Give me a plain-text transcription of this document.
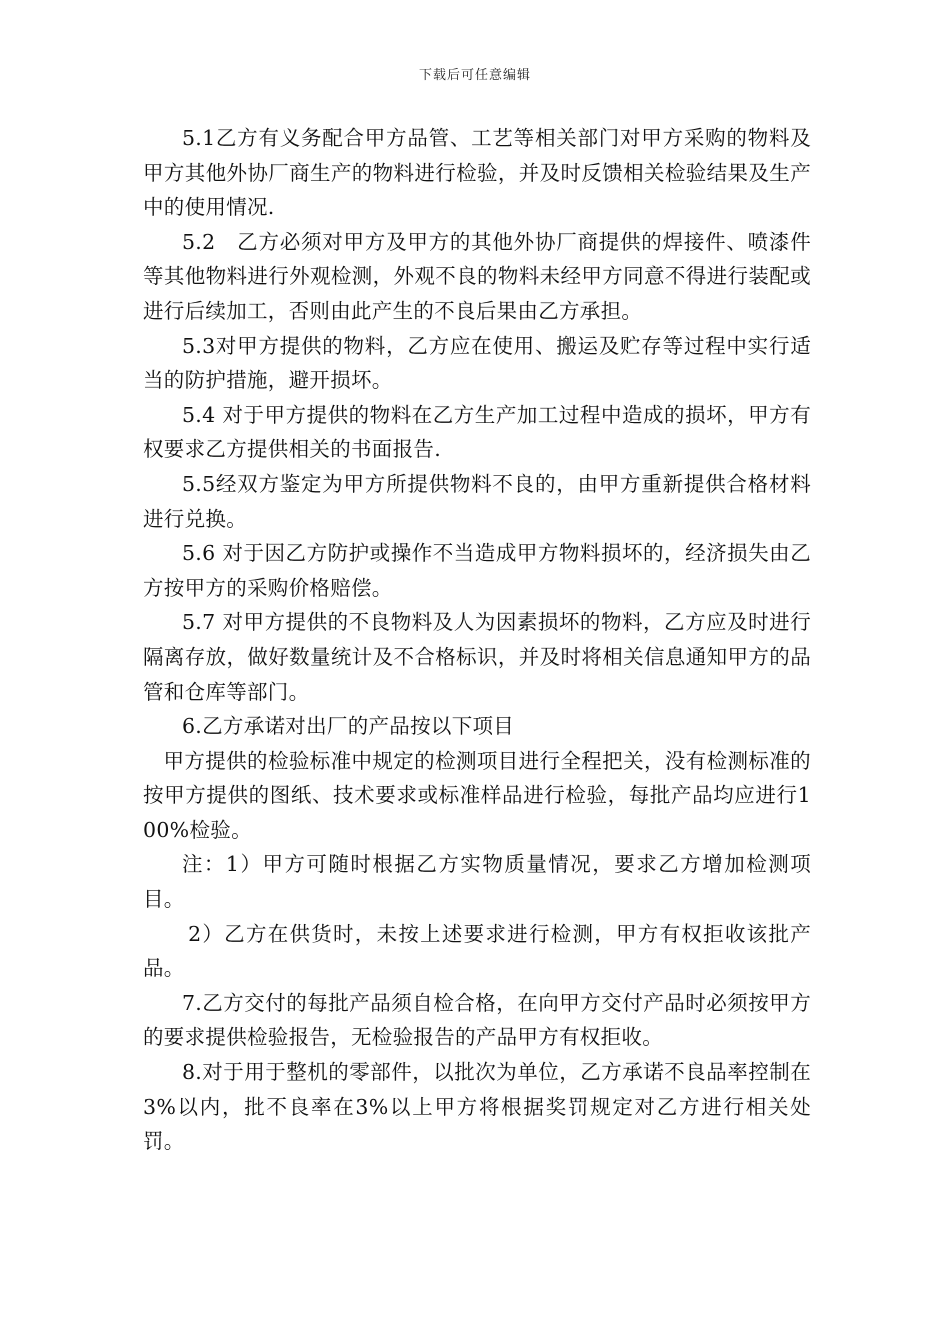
下载后可任意编辑

5.1乙方有义务配合甲方品管、工艺等相关部门对甲方采购的物料及甲方其他外协厂商生产的物料进行检验，并及时反馈相关检验结果及生产中的使用情况.

5.2　乙方必须对甲方及甲方的其他外协厂商提供的焊接件、喷漆件等其他物料进行外观检测，外观不良的物料未经甲方同意不得进行装配或进行后续加工，否则由此产生的不良后果由乙方承担。

5.3对甲方提供的物料，乙方应在使用、搬运及贮存等过程中实行适当的防护措施，避开损坏。

5.4 对于甲方提供的物料在乙方生产加工过程中造成的损坏，甲方有权要求乙方提供相关的书面报告.

5.5经双方鉴定为甲方所提供物料不良的，由甲方重新提供合格材料进行兑换。

5.6 对于因乙方防护或操作不当造成甲方物料损坏的，经济损失由乙方按甲方的采购价格赔偿。

5.7 对甲方提供的不良物料及人为因素损坏的物料，乙方应及时进行隔离存放，做好数量统计及不合格标识，并及时将相关信息通知甲方的品管和仓库等部门。

6.乙方承诺对出厂的产品按以下项目

甲方提供的检验标准中规定的检测项目进行全程把关，没有检测标准的按甲方提供的图纸、技术要求或标准样品进行检验，每批产品均应进行100%检验。

注：1）甲方可随时根据乙方实物质量情况，要求乙方增加检测项目。

2）乙方在供货时，未按上述要求进行检测，甲方有权拒收该批产品。

7.乙方交付的每批产品须自检合格，在向甲方交付产品时必须按甲方的要求提供检验报告，无检验报告的产品甲方有权拒收。

8.对于用于整机的零部件，以批次为单位，乙方承诺不良品率控制在3%以内，批不良率在3%以上甲方将根据奖罚规定对乙方进行相关处罚。
